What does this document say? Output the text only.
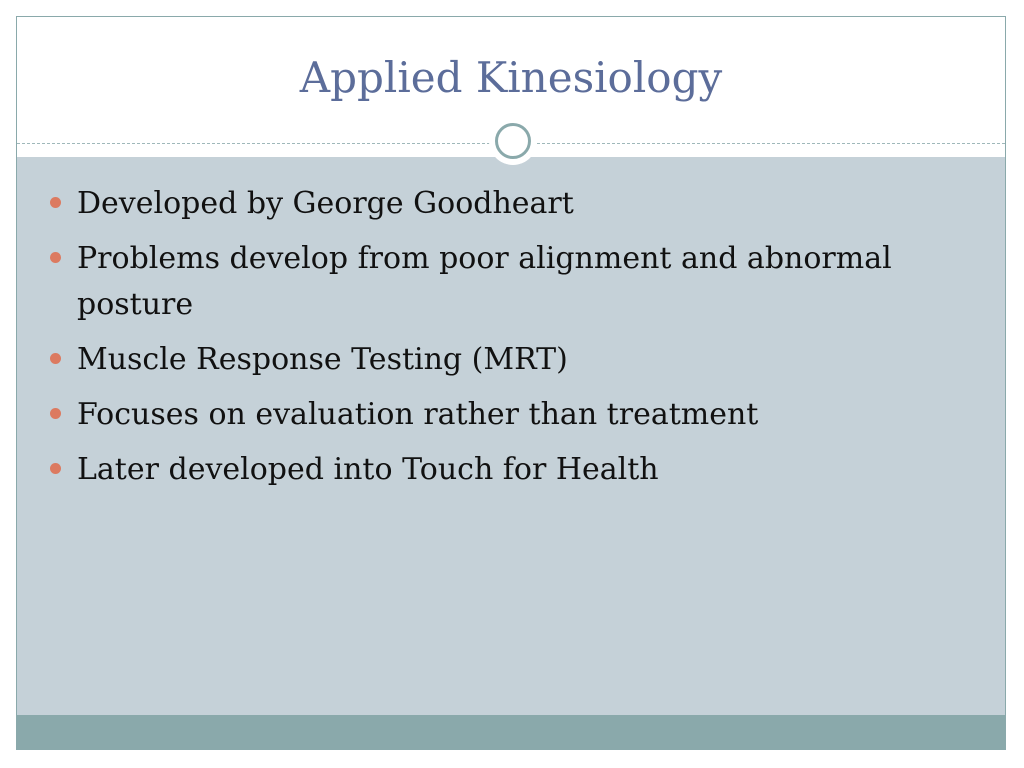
Applied Kinesiology
Developed by George Goodheart
Problems develop from poor alignment and abnormal posture
Muscle Response Testing (MRT)
Focuses on evaluation rather than treatment
Later developed into Touch for Health
